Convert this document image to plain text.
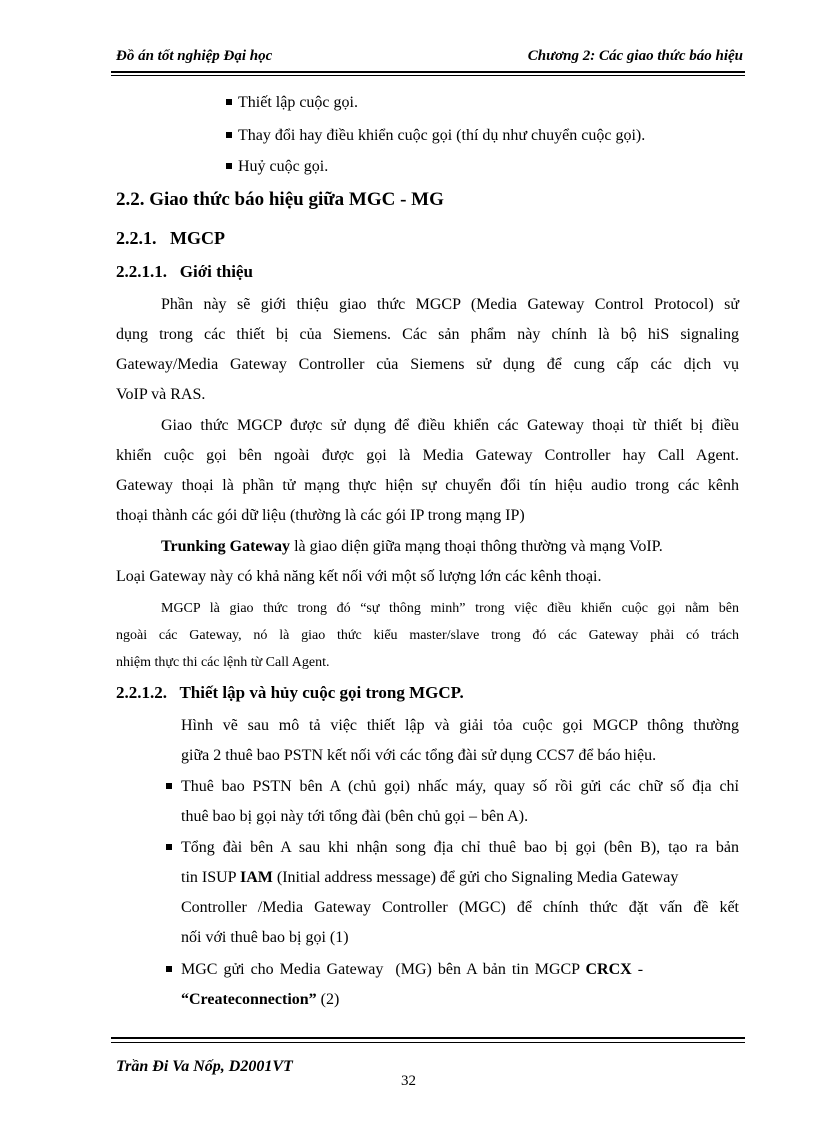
Đồ án tốt nghiệp Đại học	Chương 2: Các giao thức báo hiệu
Thiết lập cuộc gọi.
Thay đổi hay điều khiển cuộc gọi (thí dụ như chuyển cuộc gọi).
Huỷ cuộc gọi.
2.2. Giao thức báo hiệu giữa MGC - MG
2.2.1.   MGCP
2.2.1.1.   Giới thiệu
Phần này sẽ giới thiệu giao thức MGCP (Media Gateway Control Protocol) sử
dụng trong các thiết bị của Siemens. Các sản phẩm này chính là bộ hiS signaling
Gateway/Media Gateway Controller của Siemens sử dụng để cung cấp các dịch vụ
VoIP và RAS.
Giao thức MGCP được sử dụng để điều khiển các Gateway thoại từ thiết bị điều
khiển cuộc gọi bên ngoài được gọi là Media Gateway Controller hay Call Agent.
Gateway thoại là phần tử mạng thực hiện sự chuyển đổi tín hiệu audio trong các kênh
thoại thành các gói dữ liệu (thường là các gói IP trong mạng IP)
Trunking Gateway là giao diện giữa mạng thoại thông thường và mạng VoIP.
Loại Gateway này có khả năng kết nối với một số lượng lớn các kênh thoại.
MGCP là giao thức trong đó “sự thông minh” trong việc điều khiển cuộc gọi nằm bên
ngoài các Gateway, nó là giao thức kiểu master/slave trong đó các Gateway phải có trách
nhiệm thực thi các lệnh từ Call Agent.
2.2.1.2.   Thiết lập và hủy cuộc gọi trong MGCP.
Hình vẽ sau mô tả việc thiết lập và giải tỏa cuộc gọi MGCP thông thường
giữa 2 thuê bao PSTN kết nối với các tổng đài sử dụng CCS7 để báo hiệu.
Thuê bao PSTN bên A (chủ gọi) nhấc máy, quay số rồi gửi các chữ số địa chỉ
thuê bao bị gọi này tới tổng đài (bên chủ gọi – bên A).
Tổng đài bên A sau khi nhận song địa chỉ thuê bao bị gọi (bên B), tạo ra bản
tin ISUP IAM (Initial address message) để gửi cho Signaling Media Gateway
Controller /Media Gateway Controller (MGC) để chính thức đặt vấn đề kết
nối với thuê bao bị gọi (1)
MGC gửi cho Media Gateway  (MG) bên A bản tin MGCP CRCX -
“Createconnection” (2)
Trần Đi Va Nốp, D2001VT
32
